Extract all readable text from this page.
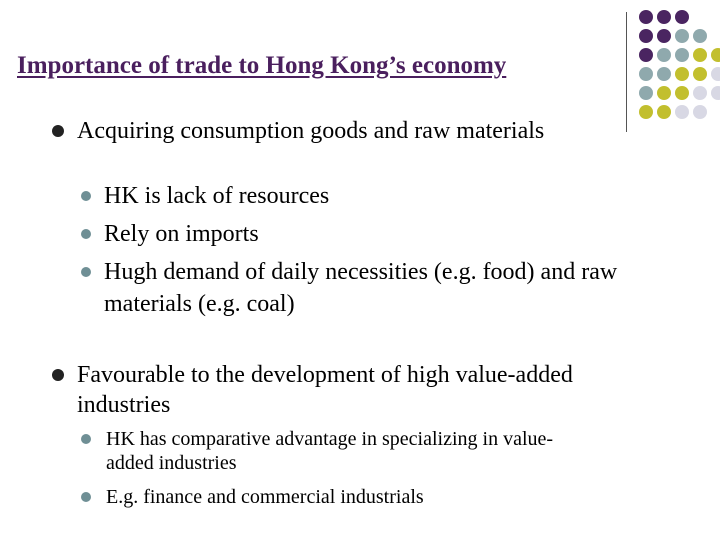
Importance of trade to Hong Kong’s economy
Acquiring consumption goods and raw materials
HK is lack of resources
Rely on imports
Hugh demand of daily necessities (e.g. food) and raw materials (e.g. coal)
Favourable to the development of high value-added industries
HK has comparative advantage in specializing in value-added industries
E.g. finance and commercial industrials
